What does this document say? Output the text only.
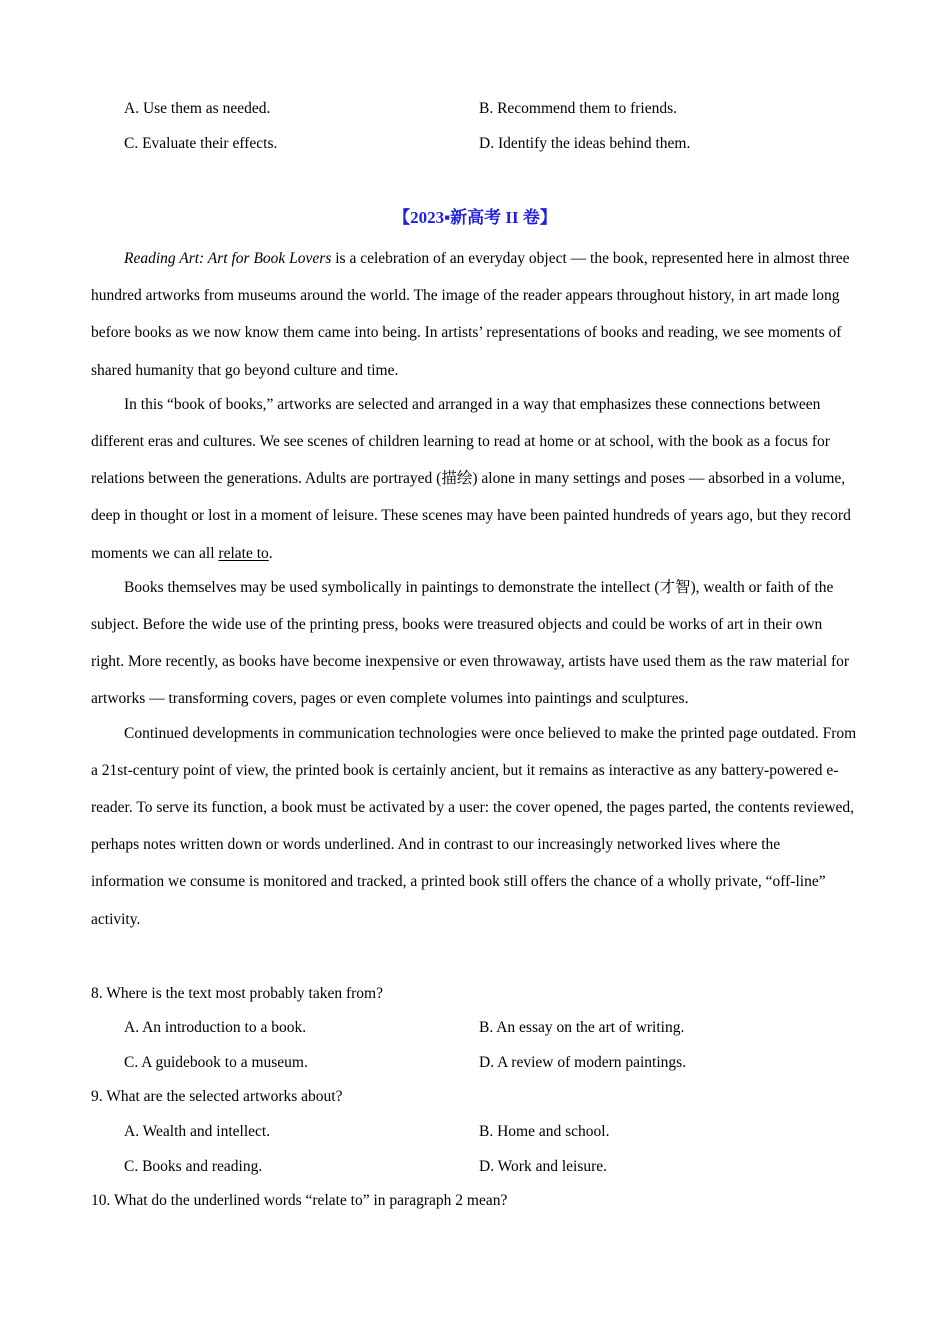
A. Use them as needed.	B. Recommend them to friends.
C. Evaluate their effects.	D. Identify the ideas behind them.
【2023▪新高考 II 卷】

Reading Art: Art for Book Lovers is a celebration of an everyday object — the book, represented here in almost three hundred artworks from museums around the world. The image of the reader appears throughout history, in art made long before books as we now know them came into being. In artists’ representations of books and reading, we see moments of shared humanity that go beyond culture and time.

In this “book of books,” artworks are selected and arranged in a way that emphasizes these connections between different eras and cultures. We see scenes of children learning to read at home or at school, with the book as a focus for relations between the generations. Adults are portrayed (描绘) alone in many settings and poses — absorbed in a volume, deep in thought or lost in a moment of leisure. These scenes may have been painted hundreds of years ago, but they record moments we can all relate to.

Books themselves may be used symbolically in paintings to demonstrate the intellect (才智), wealth or faith of the subject. Before the wide use of the printing press, books were treasured objects and could be works of art in their own right. More recently, as books have become inexpensive or even throwaway, artists have used them as the raw material for artworks — transforming covers, pages or even complete volumes into paintings and sculptures.

Continued developments in communication technologies were once believed to make the printed page outdated. From a 21st-century point of view, the printed book is certainly ancient, but it remains as interactive as any battery-powered e-reader. To serve its function, a book must be activated by a user: the cover opened, the pages parted, the contents reviewed, perhaps notes written down or words underlined. And in contrast to our increasingly networked lives where the information we consume is monitored and tracked, a printed book still offers the chance of a wholly private, “off-line” activity.

8. Where is the text most probably taken from?
A. An introduction to a book.	B. An essay on the art of writing.
C. A guidebook to a museum.	D. A review of modern paintings.
9. What are the selected artworks about?
A. Wealth and intellect.	B. Home and school.
C. Books and reading.	D. Work and leisure.
10. What do the underlined words “relate to” in paragraph 2 mean?
